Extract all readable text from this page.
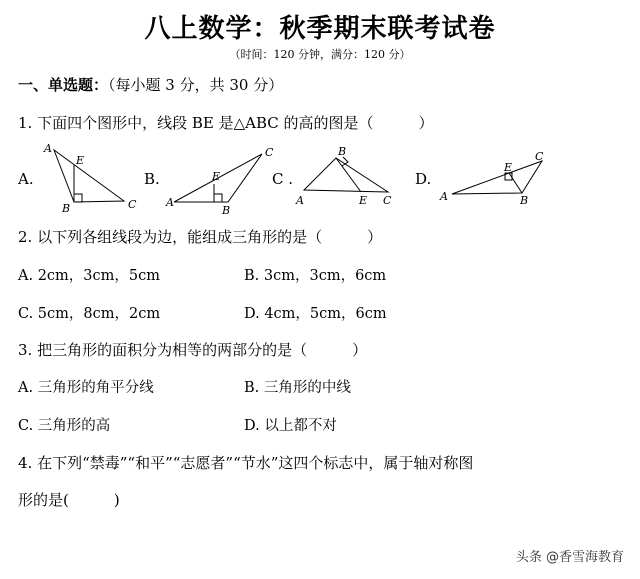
八上数学：秋季期末联考试卷
（时间：120 分钟，满分：120 分）
一、单选题：（每小题 3 分，共 30 分）
1. 下面四个图形中，线段 BE 是△ABC 的高的图是（　　　）
A.	B.	C .	D.
A
E
B	C	A
E
B
C
A
B
E C	A
E
C
B
2. 以下列各组线段为边，能组成三角形的是（　　　）
A. 2cm，3cm，5cm	B. 3cm，3cm，6cm
C. 5cm，8cm，2cm	D. 4cm，5cm，6cm
3. 把三角形的面积分为相等的两部分的是（　　　）
A. 三角形的角平分线	B. 三角形的中线
C. 三角形的高	D. 以上都不对
4. 在下列“禁毒”“和平”“志愿者”“节水”这四个标志中，属于轴对称图
形的是(　　　)
头条 @香雪海教育
